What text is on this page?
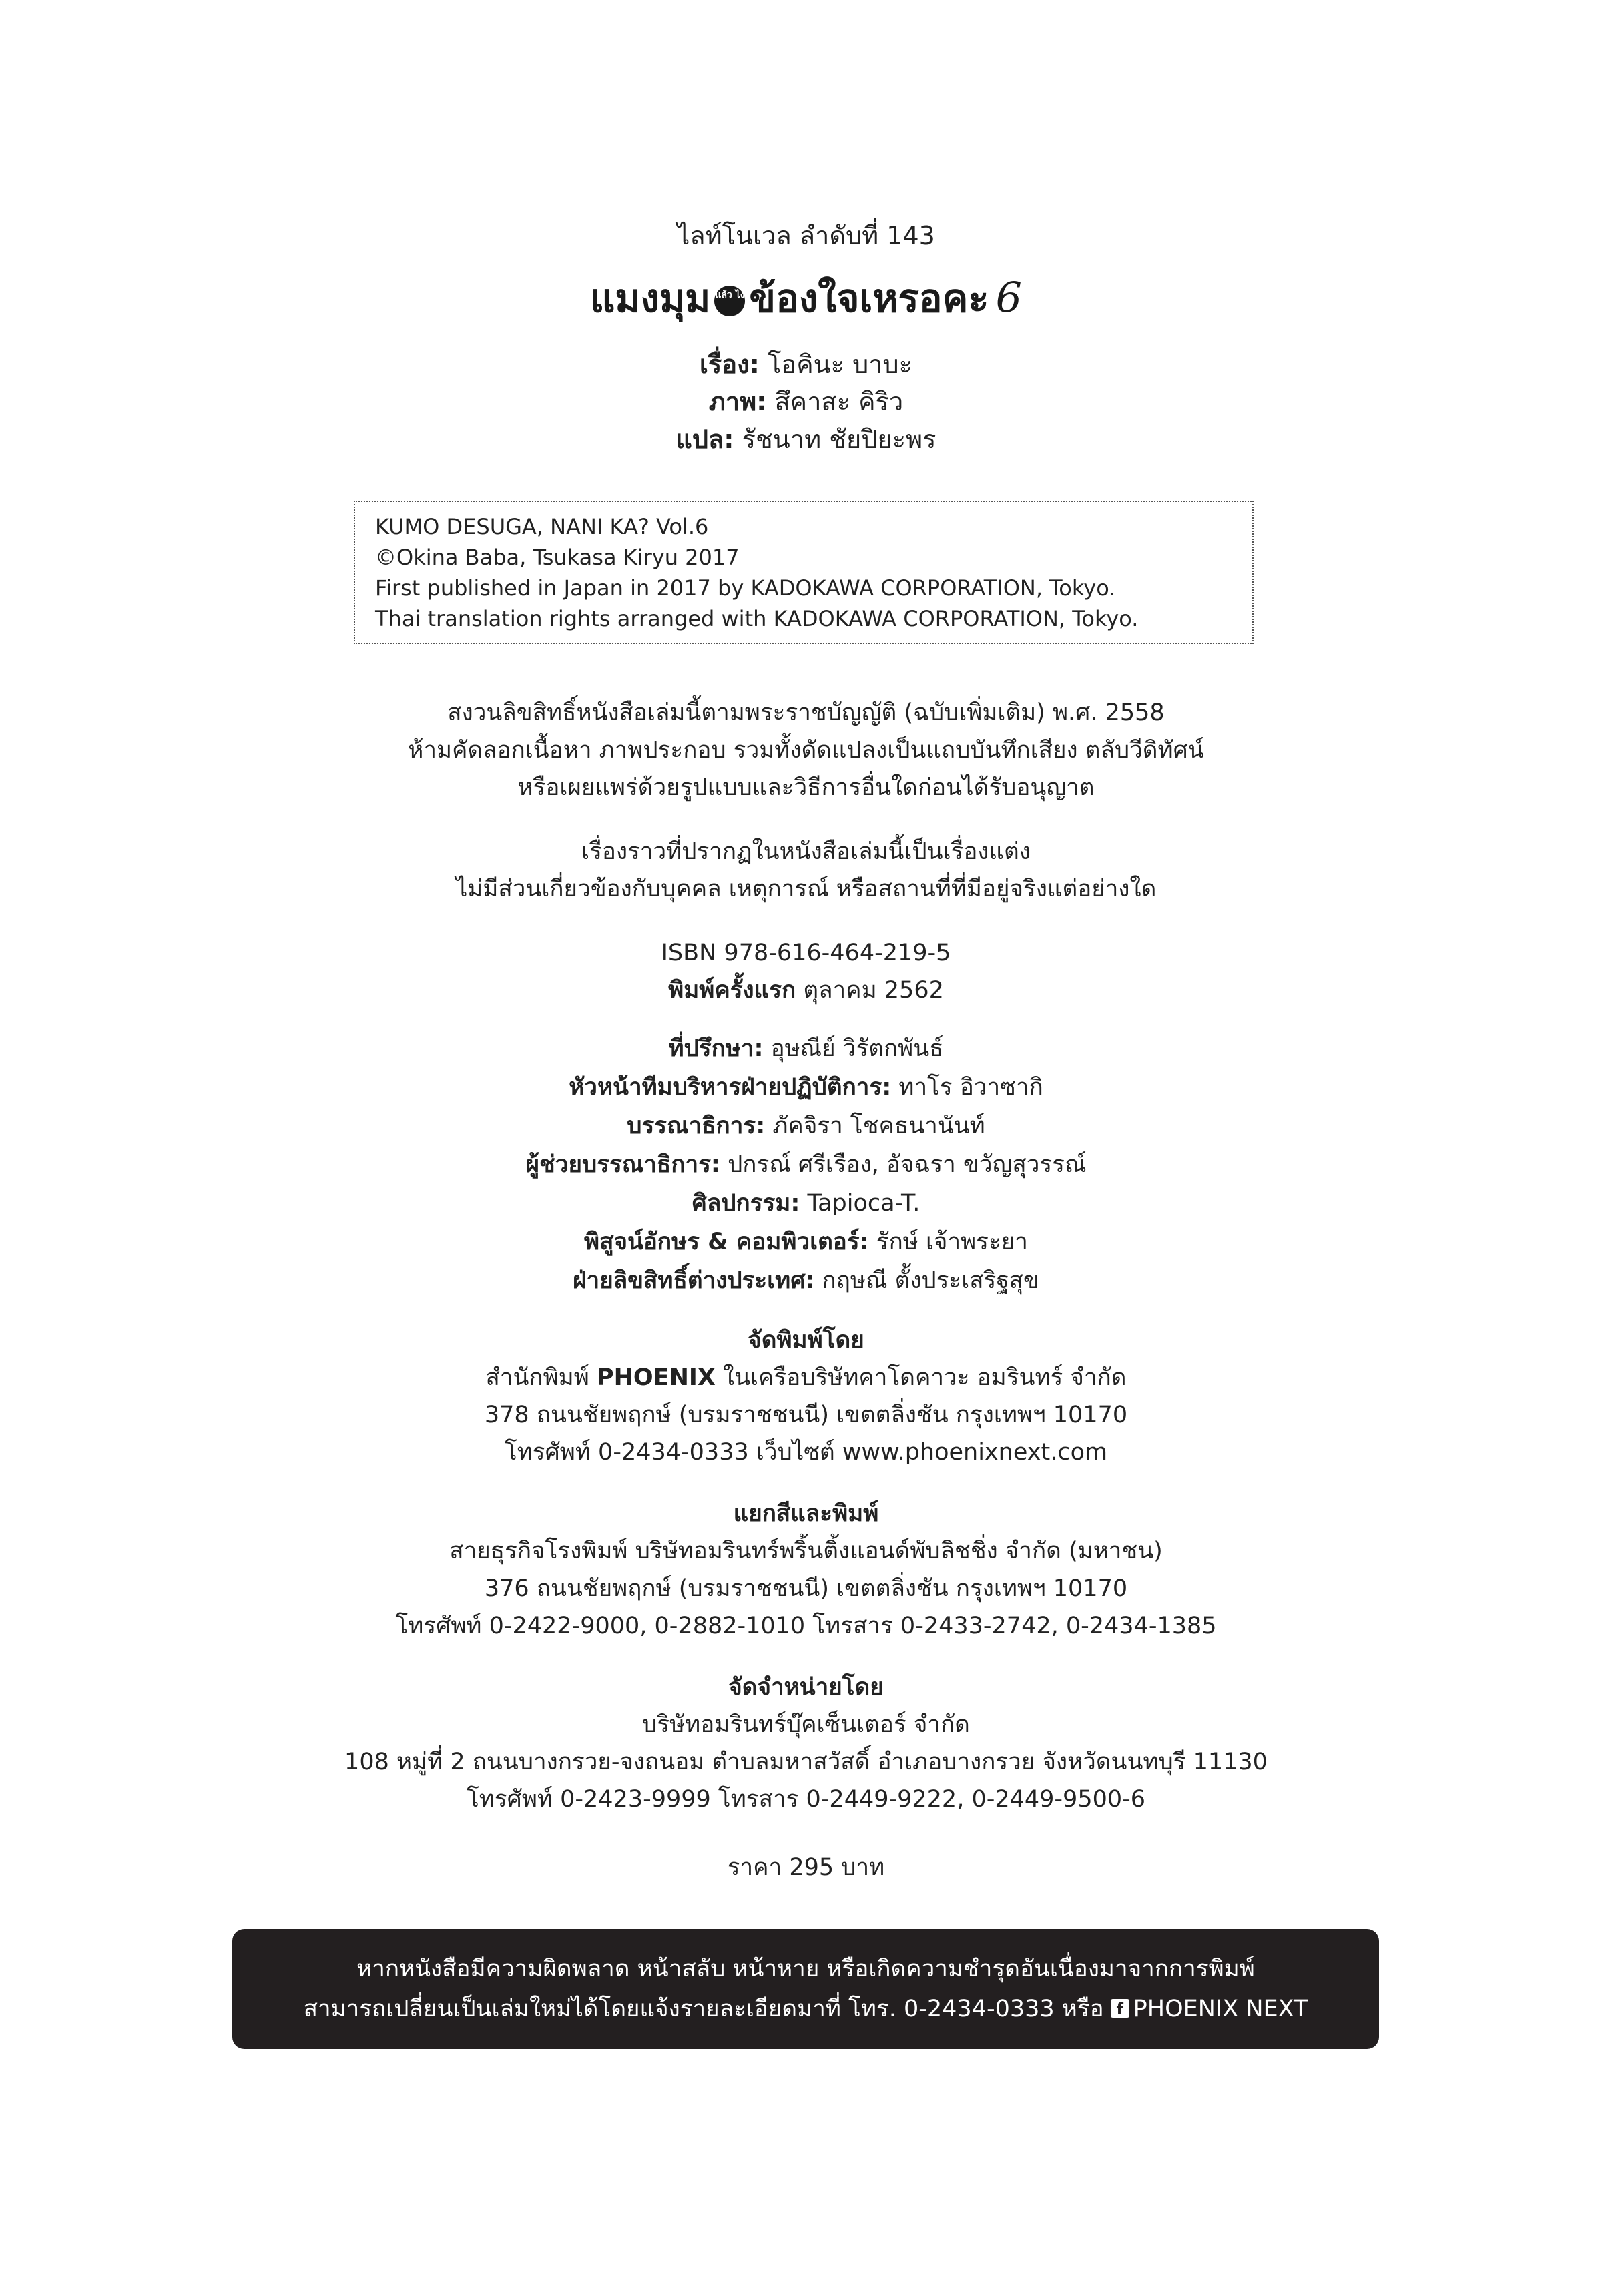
ไลท์โนเวล ลำดับที่ 143
แมงมุม แล้ว ไง ข้องใจเหรอคะ 6
เรื่อง: โอคินะ บาบะ
ภาพ: สึคาสะ คิริว
แปล: รัชนาท ชัยปิยะพร
KUMO DESUGA, NANI KA? Vol.6
©Okina Baba, Tsukasa Kiryu 2017
First published in Japan in 2017 by KADOKAWA CORPORATION, Tokyo.
Thai translation rights arranged with KADOKAWA CORPORATION, Tokyo.
สงวนลิขสิทธิ์หนังสือเล่มนี้ตามพระราชบัญญัติ (ฉบับเพิ่มเติม) พ.ศ. 2558
ห้ามคัดลอกเนื้อหา ภาพประกอบ รวมทั้งดัดแปลงเป็นแถบบันทึกเสียง ตลับวีดิทัศน์
หรือเผยแพร่ด้วยรูปแบบและวิธีการอื่นใดก่อนได้รับอนุญาต
เรื่องราวที่ปรากฏในหนังสือเล่มนี้เป็นเรื่องแต่ง
ไม่มีส่วนเกี่ยวข้องกับบุคคล เหตุการณ์ หรือสถานที่ที่มีอยู่จริงแต่อย่างใด
ISBN 978-616-464-219-5
พิมพ์ครั้งแรก ตุลาคม 2562
ที่ปรึกษา: อุษณีย์ วิรัตกพันธ์
หัวหน้าทีมบริหารฝ่ายปฏิบัติการ: ทาโร อิวาซากิ
บรรณาธิการ: ภัคจิรา โชคธนานันท์
ผู้ช่วยบรรณาธิการ: ปกรณ์ ศรีเรือง, อัจฉรา ขวัญสุวรรณ์
ศิลปกรรม: Tapioca-T.
พิสูจน์อักษร & คอมพิวเตอร์: รักษ์ เจ้าพระยา
ฝ่ายลิขสิทธิ์ต่างประเทศ: กฤษณี ตั้งประเสริฐสุข
จัดพิมพ์โดย
สำนักพิมพ์ PHOENIX ในเครือบริษัทคาโดคาวะ อมรินทร์ จำกัด
378 ถนนชัยพฤกษ์ (บรมราชชนนี) เขตตลิ่งชัน กรุงเทพฯ 10170
โทรศัพท์ 0-2434-0333 เว็บไซต์ www.phoenixnext.com
แยกสีและพิมพ์
สายธุรกิจโรงพิมพ์ บริษัทอมรินทร์พริ้นติ้งแอนด์พับลิชชิ่ง จำกัด (มหาชน)
376 ถนนชัยพฤกษ์ (บรมราชชนนี) เขตตลิ่งชัน กรุงเทพฯ 10170
โทรศัพท์ 0-2422-9000, 0-2882-1010 โทรสาร 0-2433-2742, 0-2434-1385
จัดจำหน่ายโดย
บริษัทอมรินทร์บุ๊คเซ็นเตอร์ จำกัด
108 หมู่ที่ 2 ถนนบางกรวย-จงถนอม ตำบลมหาสวัสดิ์ อำเภอบางกรวย จังหวัดนนทบุรี 11130
โทรศัพท์ 0-2423-9999 โทรสาร 0-2449-9222, 0-2449-9500-6
ราคา 295 บาท
หากหนังสือมีความผิดพลาด หน้าสลับ หน้าหาย หรือเกิดความชำรุดอันเนื่องมาจากการพิมพ์
สามารถเปลี่ยนเป็นเล่มใหม่ได้โดยแจ้งรายละเอียดมาที่ โทร. 0-2434-0333 หรือ f PHOENIX NEXT
